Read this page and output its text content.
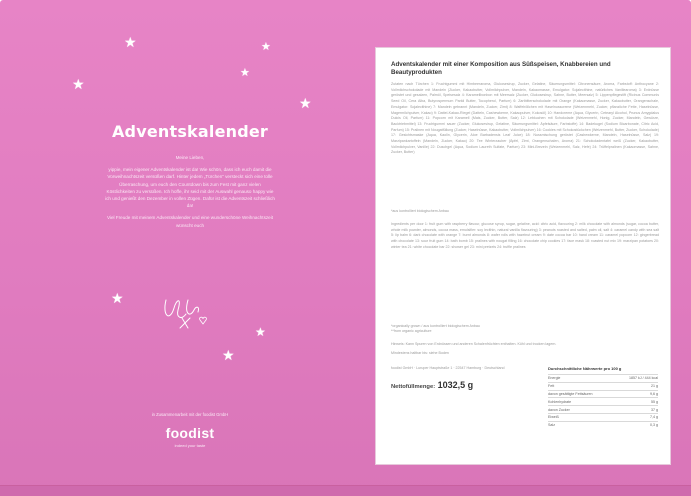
★	★
★
★
★
★
★
★
Adventskalender

Meine Lieben,

yippie, mein eigener Adventskalender ist da! Wie schön, dass ich euch damit die Vorweihnachtszeit versüßen darf. Hinter jedem „Türchen“ versteckt sich eine tolle Überraschung, um euch den Countdown bis zum Fest mit ganz vielen Köstlichkeiten zu versüßen. Ich hoffe, ihr seid mit der Auswahl genauso happy wie ich und genießt den Dezember in vollen Zügen. Dafür ist die Adventszeit schließlich da!

Viel Freude mit meinem Adventskalender und eine wunderschöne Weihnachtszeit wünscht euch

in Zusammenarbeit mit der foodist GmbH
foodist
indeed your taste
Adventskalender mit einer Komposition aus Süßspeisen, Knabbereien und Beautyprodukten
Zutaten nach Türchen 1: Fruchtgummi mit Himbeeraroma, Glukosesirup, Zucker, Gelatine, Säuerungsmittel: Citronensäure, Aroma, Farbstoff: Anthocyane 2: Vollmilchschokolade mit Mandeln (Zucker, Kakaobutter, Vollmilchpulver, Mandeln, Kakaomasse, Emulgator: Sojalecithine, natürliches Vanillearoma) 3: Erdnüsse geröstet und gesalzen, Palmöl, Speisesalz 4: Karamellbonbon mit Meersalz (Zucker, Glukosesirup, Sahne, Butter, Meersalz) 5: Lippenpflegestift (Ricinus Communis Seed Oil, Cera Alba, Butyrospermum Parkii Butter, Tocopherol, Parfum) 6: Zartbitterschokolade mit Orange (Kakaomasse, Zucker, Kakaobutter, Orangenschale, Emulgator: Sojalecithine) 7: Mandeln gebrannt (Mandeln, Zucker, Zimt) 8: Waffelröllchen mit Haselnusscreme (Weizenmehl, Zucker, pflanzliche Fette, Haselnüsse, Magermilchpulver, Kakao) 9: Dattel-Kakao-Riegel (Datteln, Cashewkerne, Kakaopulver, Kokosöl) 10: Handcreme (Aqua, Glycerin, Cetearyl Alcohol, Prunus Amygdalus Dulcis Oil, Parfum) 11: Popcorn mit Karamell (Mais, Zucker, Butter, Salz) 12: Lebkuchen mit Schokolade (Weizenmehl, Honig, Zucker, Mandeln, Gewürze, Backtriebmittel) 13: Fruchtgummi sauer (Zucker, Glukosesirup, Gelatine, Säuerungsmittel: Äpfelsäure, Farbstoffe) 14: Badekugel (Sodium Bicarbonate, Citric Acid, Parfum) 15: Pralinen mit Nougatfüllung (Zucker, Haselnüsse, Kakaobutter, Vollmilchpulver) 16: Cookies mit Schokostückchen (Weizenmehl, Butter, Zucker, Schokolade) 17: Gesichtsmaske (Aqua, Kaolin, Glycerin, Aloe Barbadensis Leaf Juice) 18: Nussmischung geröstet (Cashewkerne, Mandeln, Haselnüsse, Salz) 19: Marzipankartoffeln (Mandeln, Zucker, Kakao) 20: Tee Winterzauber (Äpfel, Zimt, Orangenschalen, Aroma) 21: Schokoladentafel weiß (Zucker, Kakaobutter, Vollmilchpulver, Vanille) 22: Duschgel (Aqua, Sodium Laureth Sulfate, Parfum) 23: Mini-Brezeln (Weizenmehl, Salz, Hefe) 24: Trüffelpralinen (Kakaomasse, Sahne, Zucker, Butter)
*aus kontrolliert biologischem Anbau
Ingredients per door 1: fruit gum with raspberry flavour, glucose syrup, sugar, gelatine, acid: citric acid, flavouring 2: milk chocolate with almonds (sugar, cocoa butter, whole milk powder, almonds, cocoa mass, emulsifier: soy lecithin, natural vanilla flavouring) 3: peanuts roasted and salted, palm oil, salt 4: caramel candy with sea salt 5: lip balm 6: dark chocolate with orange 7: burnt almonds 8: wafer rolls with hazelnut cream 9: date cocoa bar 10: hand cream 11: caramel popcorn 12: gingerbread with chocolate 13: sour fruit gum 14: bath bomb 15: pralines with nougat filling 16: chocolate chip cookies 17: face mask 18: roasted nut mix 19: marzipan potatoes 20: winter tea 21: white chocolate bar 22: shower gel 23: mini pretzels 24: truffle pralines
*organically grown / aus kontrolliert biologischem Anbau
**from organic agriculture
Hinweis: Kann Spuren von Erdnüssen und anderen Schalenfrüchten enthalten. Kühl und trocken lagern.
Mindestens haltbar bis: siehe Boden
foodist GmbH · Luruper Hauptstraße 1 · 22547 Hamburg · Deutschland
Nettofüllmenge: 1032,5 g
Durchschnittliche Nährwerte pro 100 g
Energie	1857 kJ / 444 kcal
Fett	21 g
davon gesättigte Fettsäuren	9,6 g
Kohlenhydrate	55 g
davon Zucker	37 g
Eiweiß	7,4 g
Salz	0,3 g
